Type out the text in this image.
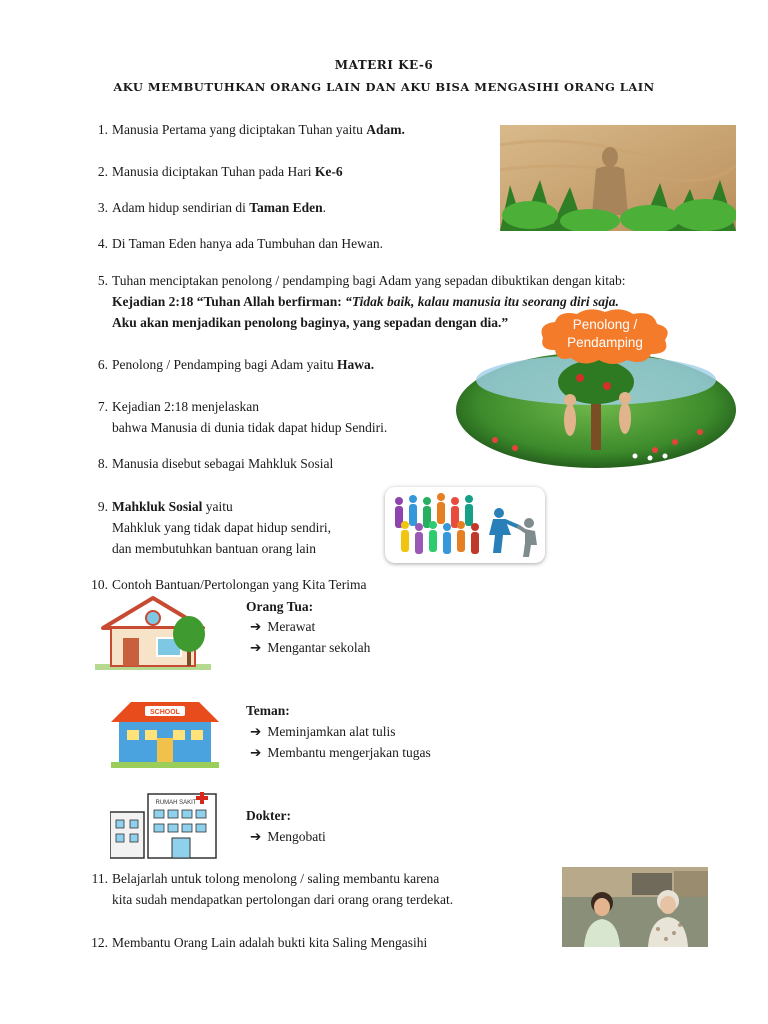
MATERI KE-6
AKU MEMBUTUHKAN ORANG LAIN DAN AKU BISA MENGASIHI ORANG LAIN
1. Manusia Pertama yang diciptakan Tuhan yaitu Adam.
2. Manusia diciptakan Tuhan pada Hari Ke-6
3. Adam hidup sendirian di Taman Eden.
4. Di Taman Eden hanya ada Tumbuhan dan Hewan.
5. Tuhan menciptakan penolong / pendamping bagi Adam yang sepadan dibuktikan dengan kitab:
Kejadian 2:18 “Tuhan Allah berfirman: “Tidak baik, kalau manusia itu seorang diri saja.
Aku akan menjadikan penolong baginya, yang sepadan dengan dia.”
6. Penolong / Pendamping bagi Adam yaitu Hawa.
7. Kejadian 2:18 menjelaskan
bahwa Manusia di dunia tidak dapat hidup Sendiri.
8. Manusia disebut sebagai Mahkluk Sosial
9. Mahkluk Sosial yaitu
Mahkluk yang tidak dapat hidup sendiri,
dan membutuhkan bantuan orang lain
10. Contoh Bantuan/Pertolongan yang Kita Terima
Orang Tua:
➔ Merawat
➔ Mengantar sekolah
Teman:
➔ Meminjamkan alat tulis
➔ Membantu mengerjakan tugas
Dokter:
➔ Mengobati
11. Belajarlah untuk tolong menolong / saling membantu karena
kita sudah mendapatkan pertolongan dari orang orang terdekat.
12. Membantu Orang Lain adalah bukti kita Saling Mengasihi
Penolong /
Pendamping
SCHOOL
RUMAH SAKIT
